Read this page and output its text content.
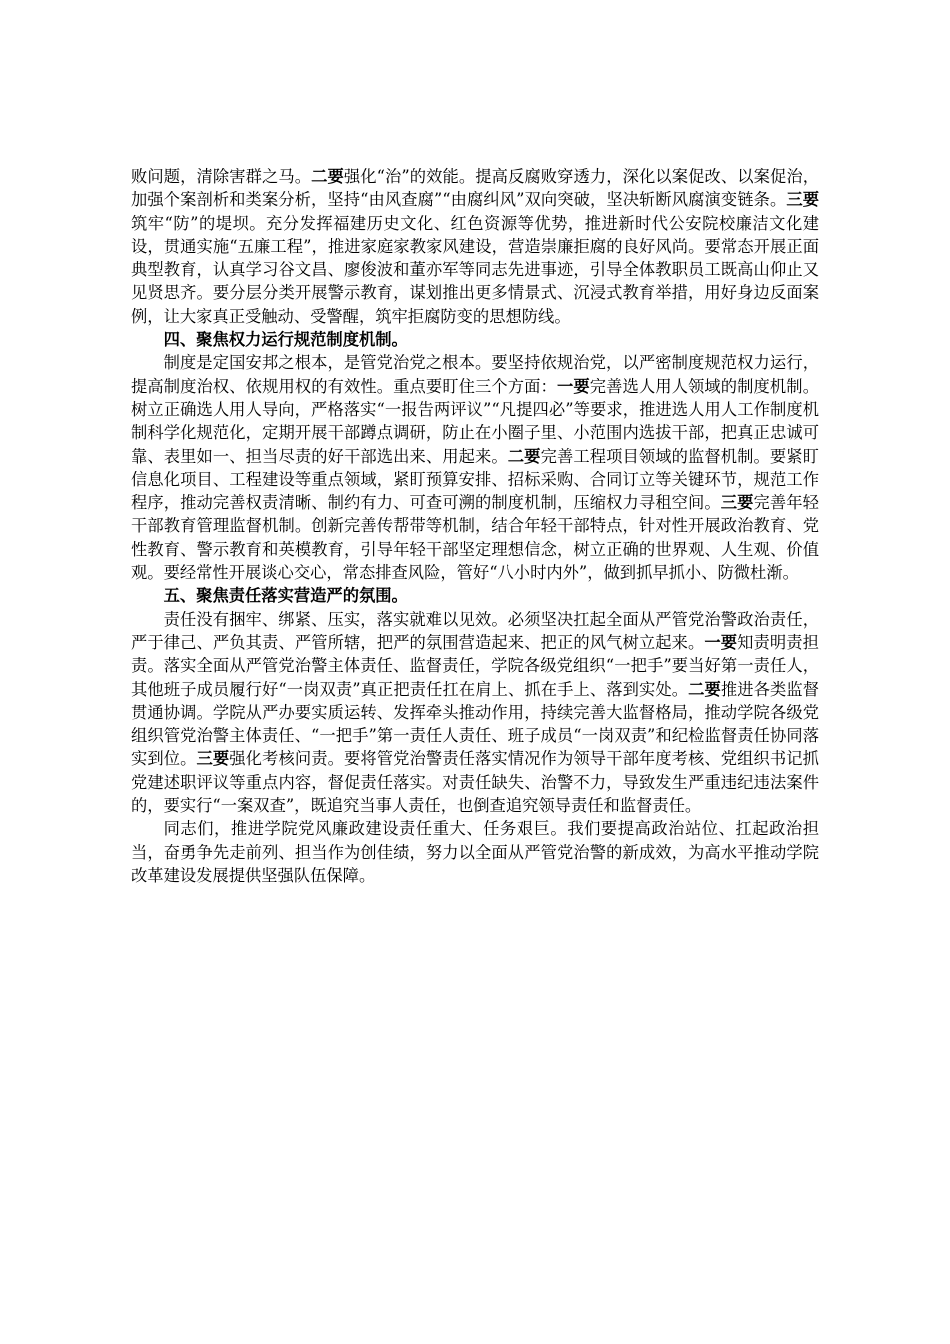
败问题，清除害群之马。二要强化“治”的效能。提高反腐败穿透力，深化以案促改、以案促治，加强个案剖析和类案分析，坚持“由风查腐”“由腐纠风”双向突破，坚决斩断风腐演变链条。三要筑牢“防”的堤坝。充分发挥福建历史文化、红色资源等优势，推进新时代公安院校廉洁文化建设，贯通实施“五廉工程”，推进家庭家教家风建设，营造崇廉拒腐的良好风尚。要常态开展正面典型教育，认真学习谷文昌、廖俊波和董亦军等同志先进事迹，引导全体教职员工既高山仰止又见贤思齐。要分层分类开展警示教育，谋划推出更多情景式、沉浸式教育举措，用好身边反面案例，让大家真正受触动、受警醒，筑牢拒腐防变的思想防线。

四、聚焦权力运行规范制度机制。

制度是定国安邦之根本，是管党治党之根本。要坚持依规治党，以严密制度规范权力运行，提高制度治权、依规用权的有效性。重点要盯住三个方面：一要完善选人用人领域的制度机制。树立正确选人用人导向，严格落实“一报告两评议”“凡提四必”等要求，推进选人用人工作制度机制科学化规范化，定期开展干部蹲点调研，防止在小圈子里、小范围内选拔干部，把真正忠诚可靠、表里如一、担当尽责的好干部选出来、用起来。二要完善工程项目领域的监督机制。要紧盯信息化项目、工程建设等重点领域，紧盯预算安排、招标采购、合同订立等关键环节，规范工作程序，推动完善权责清晰、制约有力、可查可溯的制度机制，压缩权力寻租空间。三要完善年轻干部教育管理监督机制。创新完善传帮带等机制，结合年轻干部特点，针对性开展政治教育、党性教育、警示教育和英模教育，引导年轻干部坚定理想信念，树立正确的世界观、人生观、价值观。要经常性开展谈心交心，常态排查风险，管好“八小时内外”，做到抓早抓小、防微杜渐。

五、聚焦责任落实营造严的氛围。

责任没有捆牢、绑紧、压实，落实就难以见效。必须坚决扛起全面从严管党治警政治责任，严于律己、严负其责、严管所辖，把严的氛围营造起来、把正的风气树立起来。一要知责明责担责。落实全面从严管党治警主体责任、监督责任，学院各级党组织“一把手”要当好第一责任人，其他班子成员履行好“一岗双责”真正把责任扛在肩上、抓在手上、落到实处。二要推进各类监督贯通协调。学院从严办要实质运转、发挥牵头推动作用，持续完善大监督格局，推动学院各级党组织管党治警主体责任、“一把手”第一责任人责任、班子成员“一岗双责”和纪检监督责任协同落实到位。三要强化考核问责。要将管党治警责任落实情况作为领导干部年度考核、党组织书记抓党建述职评议等重点内容，督促责任落实。对责任缺失、治警不力，导致发生严重违纪违法案件的，要实行“一案双查”，既追究当事人责任，也倒查追究领导责任和监督责任。

同志们，推进学院党风廉政建设责任重大、任务艰巨。我们要提高政治站位、扛起政治担当，奋勇争先走前列、担当作为创佳绩，努力以全面从严管党治警的新成效，为高水平推动学院改革建设发展提供坚强队伍保障。
